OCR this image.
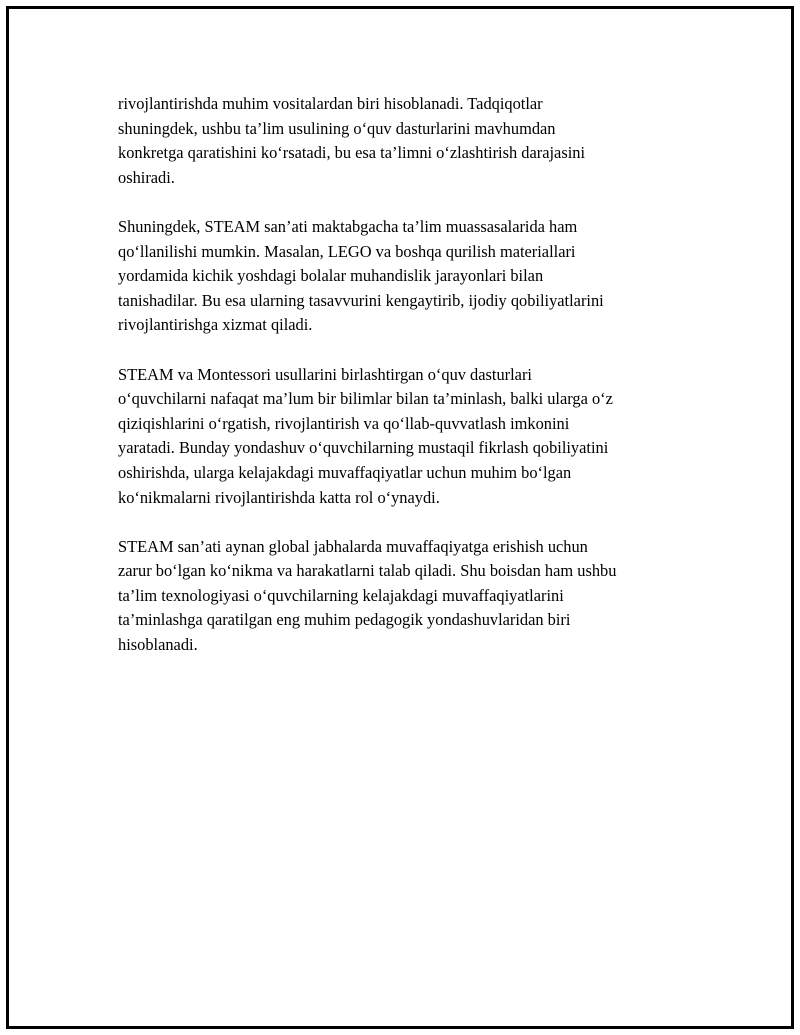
rivojlantirishda muhim vositalardan biri hisoblanadi. Tadqiqotlar
shuningdek, ushbu ta’lim usulining o‘quv dasturlarini mavhumdan
konkretga qaratishini ko‘rsatadi, bu esa ta’limni o‘zlashtirish darajasini
oshiradi.

Shuningdek, STEAM san’ati maktabgacha ta’lim muassasalarida ham
qo‘llanilishi mumkin. Masalan, LEGO va boshqa qurilish materiallari
yordamida kichik yoshdagi bolalar muhandislik jarayonlari bilan
tanishadilar. Bu esa ularning tasavvurini kengaytirib, ijodiy qobiliyatlarini
rivojlantirishga xizmat qiladi.

STEAM va Montessori usullarini birlashtirgan o‘quv dasturlari
o‘quvchilarni nafaqat ma’lum bir bilimlar bilan ta’minlash, balki ularga o‘z
qiziqishlarini o‘rgatish, rivojlantirish va qo‘llab-quvvatlash imkonini
yaratadi. Bunday yondashuv o‘quvchilarning mustaqil fikrlash qobiliyatini
oshirishda, ularga kelajakdagi muvaffaqiyatlar uchun muhim bo‘lgan
ko‘nikmalarni rivojlantirishda katta rol o‘ynaydi.

STEAM san’ati aynan global jabhalarda muvaffaqiyatga erishish uchun
zarur bo‘lgan ko‘nikma va harakatlarni talab qiladi. Shu boisdan ham ushbu
ta’lim texnologiyasi o‘quvchilarning kelajakdagi muvaffaqiyatlarini
ta’minlashga qaratilgan eng muhim pedagogik yondashuvlaridan biri
hisoblanadi.
